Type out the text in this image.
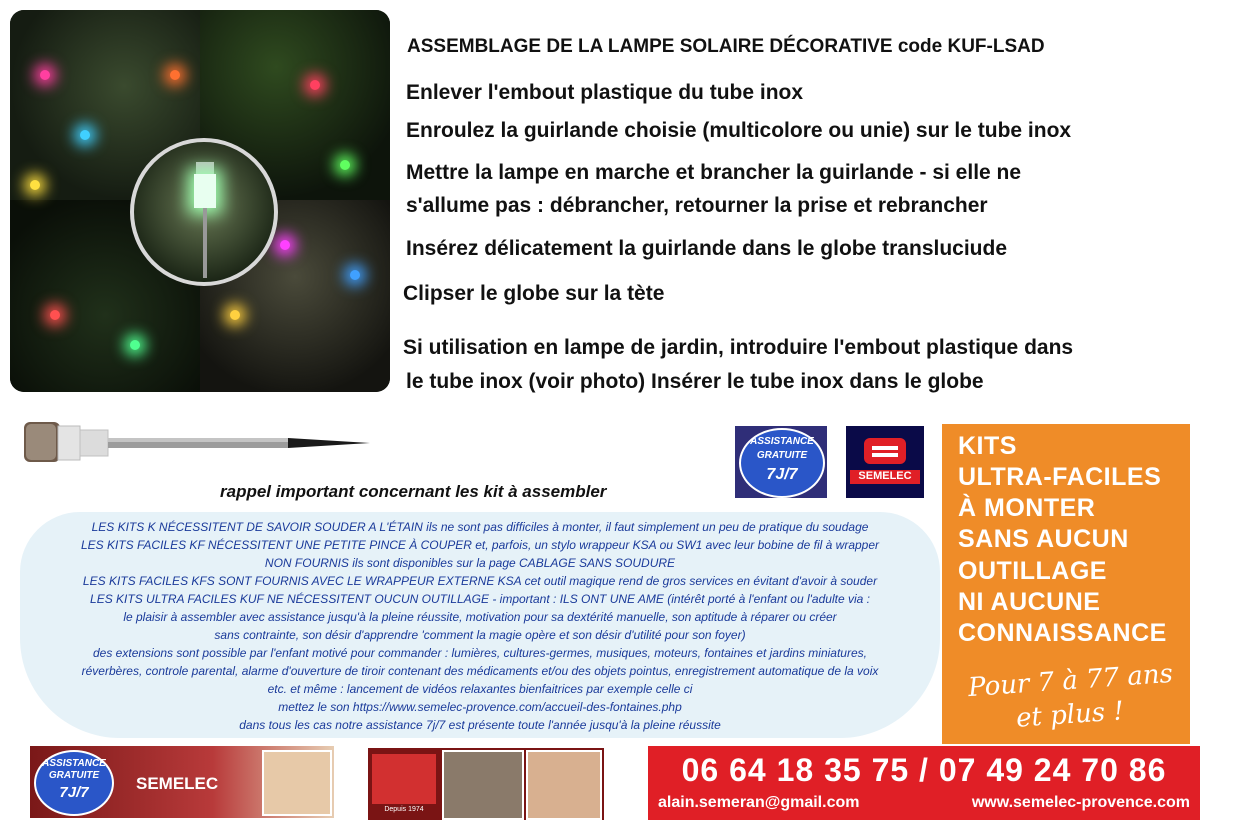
ASSEMBLAGE DE LA LAMPE SOLAIRE DÉCORATIVE code KUF-LSAD
Enlever l'embout plastique du tube inox
Enroulez la guirlande choisie (multicolore ou unie) sur le tube inox
Mettre la lampe en marche et brancher la guirlande - si elle ne
s'allume pas : débrancher, retourner la prise et rebrancher
Insérez délicatement la guirlande dans le globe transluciude
Clipser le globe sur la tète
Si utilisation en lampe de jardin, introduire l'embout plastique dans
le tube inox (voir photo) Insérer le tube inox dans le globe
rappel important concernant les kit à assembler
LES KITS K NÉCESSITENT DE SAVOIR SOUDER A L'ÉTAIN ils ne sont pas difficiles à monter, il faut simplement un peu de pratique du soudage
LES KITS FACILES KF NÉCESSITENT UNE PETITE PINCE À COUPER et, parfois, un stylo wrappeur KSA ou SW1 avec leur bobine de fil à wrapper
NON FOURNIS ils sont disponibles sur la page CABLAGE SANS SOUDURE
LES KITS FACILES KFS SONT FOURNIS AVEC LE WRAPPEUR EXTERNE KSA cet outil magique rend de gros services en évitant d'avoir à souder
LES KITS ULTRA FACILES KUF NE NÉCESSITENT OUCUN OUTILLAGE - important : ILS ONT UNE AME (intérêt porté à l'enfant ou l'adulte via :
le plaisir à assembler avec assistance jusqu'à la pleine réussite, motivation pour sa dextérité manuelle, son aptitude à réparer ou créer
sans contrainte, son désir d'apprendre 'comment la magie opère et son désir d'utilité pour son foyer)
des extensions sont possible par l'enfant motivé pour commander : lumières, cultures-germes, musiques, moteurs, fontaines et jardins miniatures,
réverbères, controle parental, alarme d'ouverture de tiroir contenant des médicaments et/ou des objets pointus, enregistrement automatique de la voix
etc. et même : lancement de vidéos relaxantes bienfaitrices par exemple celle ci
mettez le son https://www.semelec-provence.com/accueil-des-fontaines.php
dans tous les cas notre assistance 7j/7 est présente toute l'année jusqu'à la pleine réussite
ASSISTANCE
GRATUITE
7J/7	SEMELEC
KITS
ULTRA-FACILES
À MONTER
SANS AUCUN
OUTILLAGE
NI AUCUNE
CONNAISSANCE
Pour 7 à 77 ans
et plus !
ASSISTANCE
GRATUITE
7J/7	SEMELEC
Depuis 1974
06 64 18 35 75 / 07 49 24 70 86
alain.semeran@gmail.com	www.semelec-provence.com
